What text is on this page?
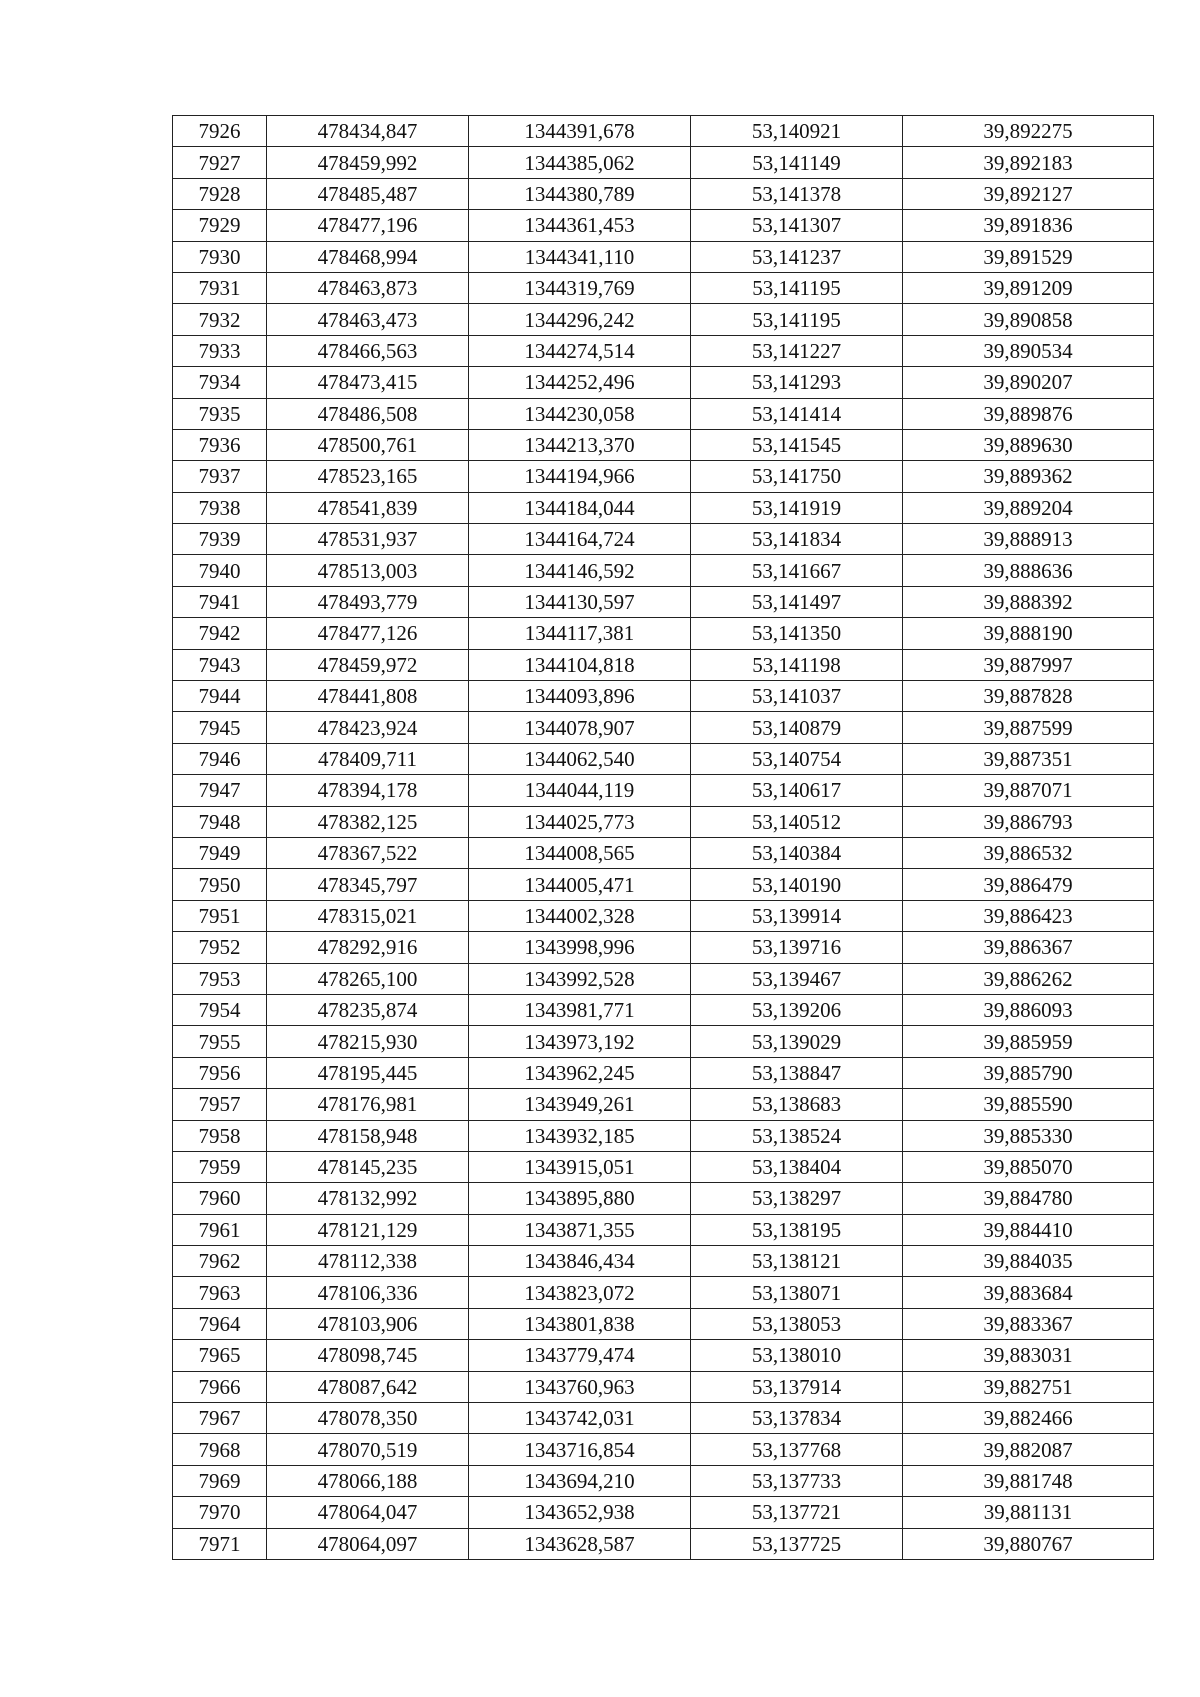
7926	478434,847	1344391,678	53,140921	39,892275
7927	478459,992	1344385,062	53,141149	39,892183
7928	478485,487	1344380,789	53,141378	39,892127
7929	478477,196	1344361,453	53,141307	39,891836
7930	478468,994	1344341,110	53,141237	39,891529
7931	478463,873	1344319,769	53,141195	39,891209
7932	478463,473	1344296,242	53,141195	39,890858
7933	478466,563	1344274,514	53,141227	39,890534
7934	478473,415	1344252,496	53,141293	39,890207
7935	478486,508	1344230,058	53,141414	39,889876
7936	478500,761	1344213,370	53,141545	39,889630
7937	478523,165	1344194,966	53,141750	39,889362
7938	478541,839	1344184,044	53,141919	39,889204
7939	478531,937	1344164,724	53,141834	39,888913
7940	478513,003	1344146,592	53,141667	39,888636
7941	478493,779	1344130,597	53,141497	39,888392
7942	478477,126	1344117,381	53,141350	39,888190
7943	478459,972	1344104,818	53,141198	39,887997
7944	478441,808	1344093,896	53,141037	39,887828
7945	478423,924	1344078,907	53,140879	39,887599
7946	478409,711	1344062,540	53,140754	39,887351
7947	478394,178	1344044,119	53,140617	39,887071
7948	478382,125	1344025,773	53,140512	39,886793
7949	478367,522	1344008,565	53,140384	39,886532
7950	478345,797	1344005,471	53,140190	39,886479
7951	478315,021	1344002,328	53,139914	39,886423
7952	478292,916	1343998,996	53,139716	39,886367
7953	478265,100	1343992,528	53,139467	39,886262
7954	478235,874	1343981,771	53,139206	39,886093
7955	478215,930	1343973,192	53,139029	39,885959
7956	478195,445	1343962,245	53,138847	39,885790
7957	478176,981	1343949,261	53,138683	39,885590
7958	478158,948	1343932,185	53,138524	39,885330
7959	478145,235	1343915,051	53,138404	39,885070
7960	478132,992	1343895,880	53,138297	39,884780
7961	478121,129	1343871,355	53,138195	39,884410
7962	478112,338	1343846,434	53,138121	39,884035
7963	478106,336	1343823,072	53,138071	39,883684
7964	478103,906	1343801,838	53,138053	39,883367
7965	478098,745	1343779,474	53,138010	39,883031
7966	478087,642	1343760,963	53,137914	39,882751
7967	478078,350	1343742,031	53,137834	39,882466
7968	478070,519	1343716,854	53,137768	39,882087
7969	478066,188	1343694,210	53,137733	39,881748
7970	478064,047	1343652,938	53,137721	39,881131
7971	478064,097	1343628,587	53,137725	39,880767
